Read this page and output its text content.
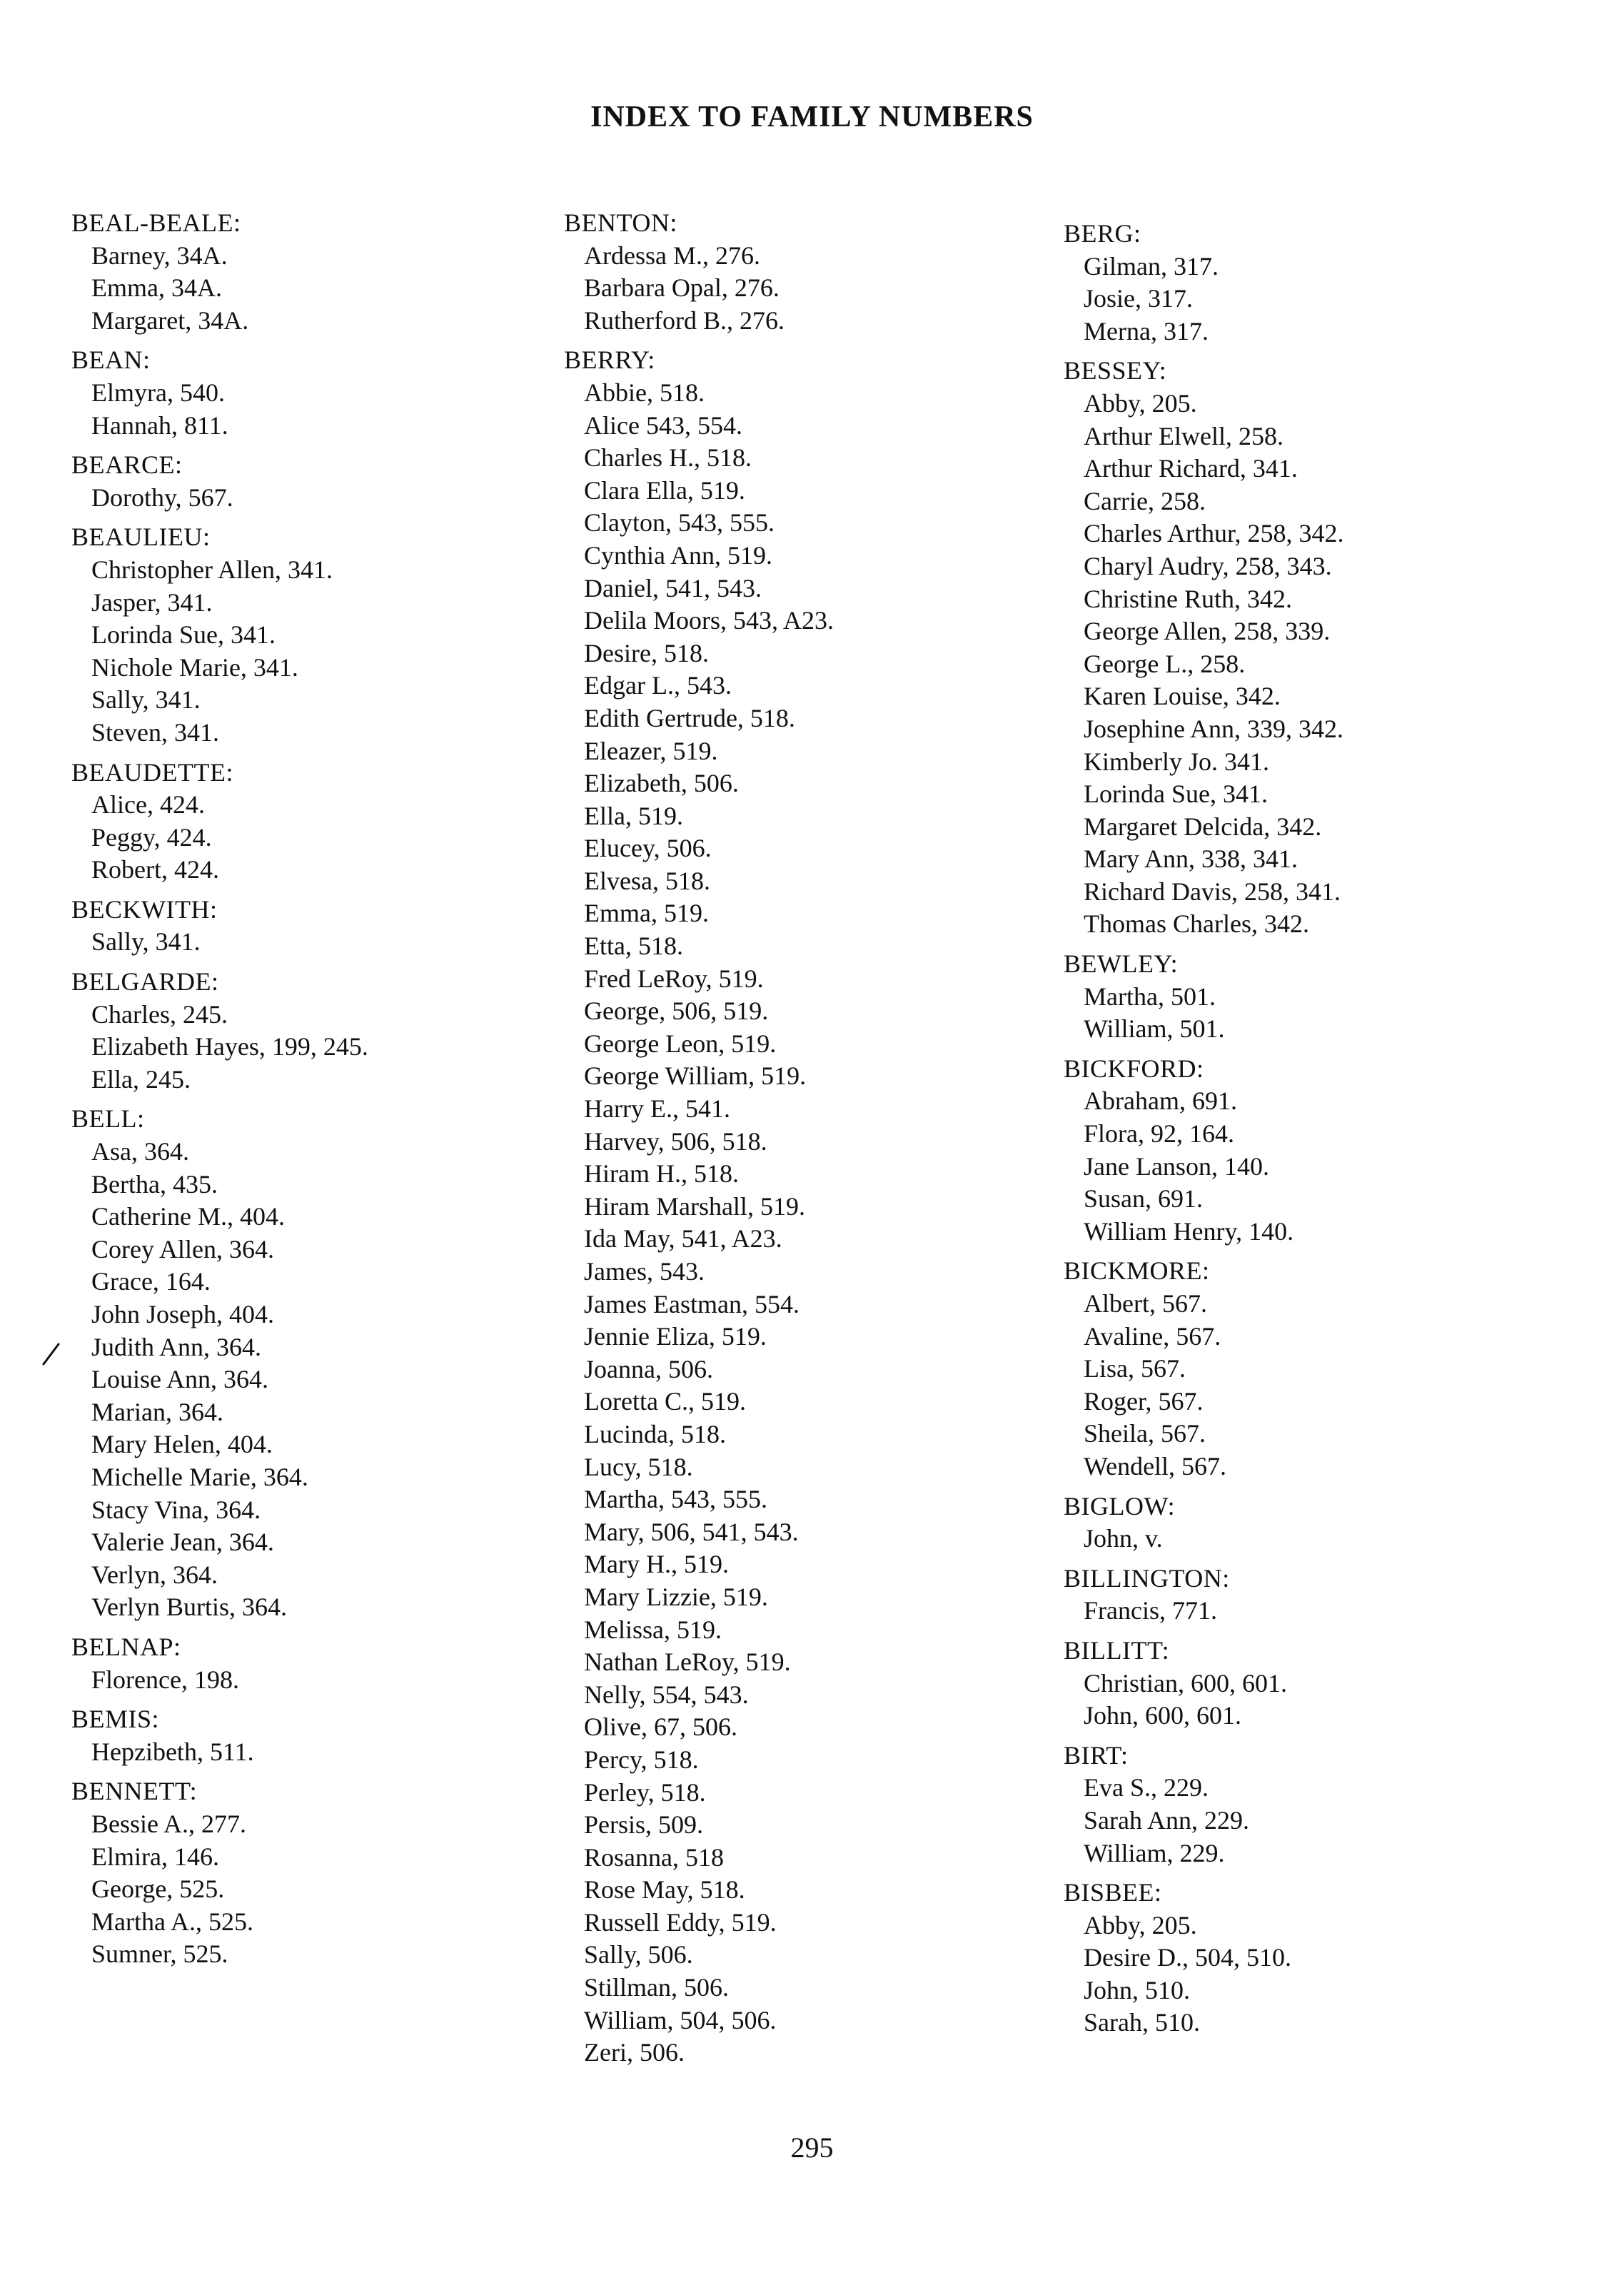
INDEX TO FAMILY NUMBERS
BEAL-BEALE:
Barney, 34A.
Emma, 34A.
Margaret, 34A.
BEAN:
Elmyra, 540.
Hannah, 811.
BEARCE:
Dorothy, 567.
BEAULIEU:
Christopher Allen, 341.
Jasper, 341.
Lorinda Sue, 341.
Nichole Marie, 341.
Sally, 341.
Steven, 341.
BEAUDETTE:
Alice, 424.
Peggy, 424.
Robert, 424.
BECKWITH:
Sally, 341.
BELGARDE:
Charles, 245.
Elizabeth Hayes, 199, 245.
Ella, 245.
BELL:
Asa, 364.
Bertha, 435.
Catherine M., 404.
Corey Allen, 364.
Grace, 164.
John Joseph, 404.
Judith Ann, 364.
Louise Ann, 364.
Marian, 364.
Mary Helen, 404.
Michelle Marie, 364.
Stacy Vina, 364.
Valerie Jean, 364.
Verlyn, 364.
Verlyn Burtis, 364.
BELNAP:
Florence, 198.
BEMIS:
Hepzibeth, 511.
BENNETT:
Bessie A., 277.
Elmira, 146.
George, 525.
Martha A., 525.
Sumner, 525.
BENTON:
Ardessa M., 276.
Barbara Opal, 276.
Rutherford B., 276.
BERRY:
Abbie, 518.
Alice 543, 554.
Charles H., 518.
Clara Ella, 519.
Clayton, 543, 555.
Cynthia Ann, 519.
Daniel, 541, 543.
Delila Moors, 543, A23.
Desire, 518.
Edgar L., 543.
Edith Gertrude, 518.
Eleazer, 519.
Elizabeth, 506.
Ella, 519.
Elucey, 506.
Elvesa, 518.
Emma, 519.
Etta, 518.
Fred LeRoy, 519.
George, 506, 519.
George Leon, 519.
George William, 519.
Harry E., 541.
Harvey, 506, 518.
Hiram H., 518.
Hiram Marshall, 519.
Ida May, 541, A23.
James, 543.
James Eastman, 554.
Jennie Eliza, 519.
Joanna, 506.
Loretta C., 519.
Lucinda, 518.
Lucy, 518.
Martha, 543, 555.
Mary, 506, 541, 543.
Mary H., 519.
Mary Lizzie, 519.
Melissa, 519.
Nathan LeRoy, 519.
Nelly, 554, 543.
Olive, 67, 506.
Percy, 518.
Perley, 518.
Persis, 509.
Rosanna, 518
Rose May, 518.
Russell Eddy, 519.
Sally, 506.
Stillman, 506.
William, 504, 506.
Zeri, 506.
BERG:
Gilman, 317.
Josie, 317.
Merna, 317.
BESSEY:
Abby, 205.
Arthur Elwell, 258.
Arthur Richard, 341.
Carrie, 258.
Charles Arthur, 258, 342.
Charyl Audry, 258, 343.
Christine Ruth, 342.
George Allen, 258, 339.
George L., 258.
Karen Louise, 342.
Josephine Ann, 339, 342.
Kimberly Jo. 341.
Lorinda Sue, 341.
Margaret Delcida, 342.
Mary Ann, 338, 341.
Richard Davis, 258, 341.
Thomas Charles, 342.
BEWLEY:
Martha, 501.
William, 501.
BICKFORD:
Abraham, 691.
Flora, 92, 164.
Jane Lanson, 140.
Susan, 691.
William Henry, 140.
BICKMORE:
Albert, 567.
Avaline, 567.
Lisa, 567.
Roger, 567.
Sheila, 567.
Wendell, 567.
BIGLOW:
John, v.
BILLINGTON:
Francis, 771.
BILLITT:
Christian, 600, 601.
John, 600, 601.
BIRT:
Eva S., 229.
Sarah Ann, 229.
William, 229.
BISBEE:
Abby, 205.
Desire D., 504, 510.
John, 510.
Sarah, 510.
295
